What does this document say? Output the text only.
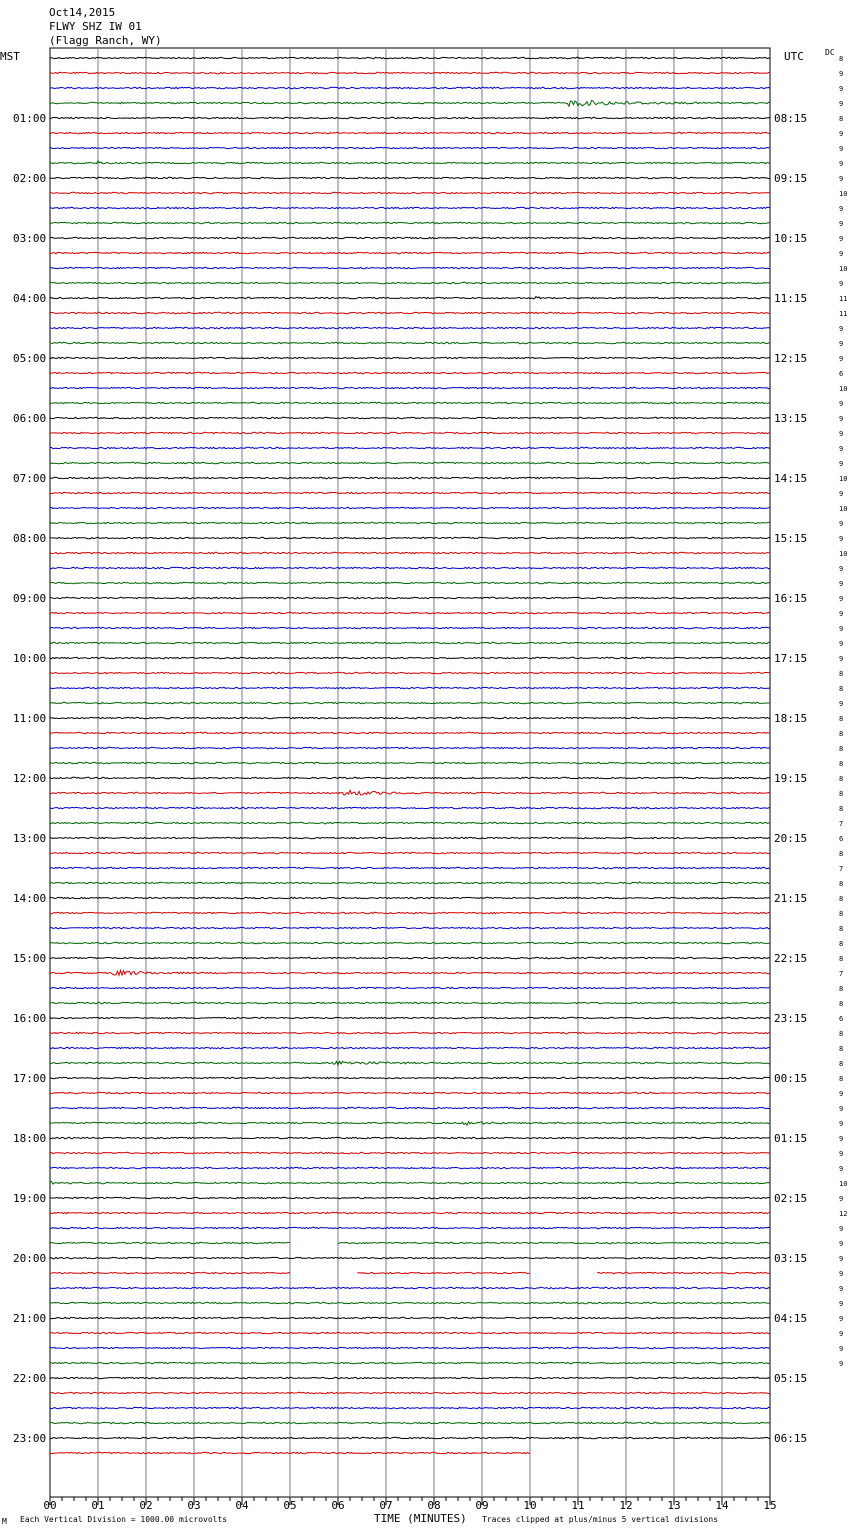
8
9
9
9
8
9
9
9
9
10
9
9
9
9
10
9
11
11
9
9
9
6
10
9
9
9
9
9
10
9
10
9
9
10
9
9
9
9
9
9
9
8
8
9
8
8
8
8
8
8
8
7
6
8
7
8
8
8
8
8
8
7
8
8
6
8
8
8
8
9
9
9
9
9
9
10
9
12
9
9
9
9
9
9
9
9
9
9
01:00
02:00
03:00
04:00
05:00
06:00
07:00
08:00
09:00
10:00
11:00
12:00
13:00
14:00
15:00
16:00
17:00
18:00
19:00
20:00
21:00
22:00
23:00
08:15
09:15
10:15
11:15
12:15
13:15
14:15
15:15
16:15
17:15
18:15
19:15
20:15
21:15
22:15
23:15
00:15
01:15
02:15
03:15
04:15
05:15
06:15
00	01	02	03	04	05	06	07	08	09	10	11	12	13	14	15
Oct14,2015
FLWY SHZ IW 01
(Flagg Ranch, WY)
MST	UTC	DC
M Each Vertical Division = 1000.00 microvolts	TIME (MINUTES) Traces clipped at plus/minus 5 vertical divisions
